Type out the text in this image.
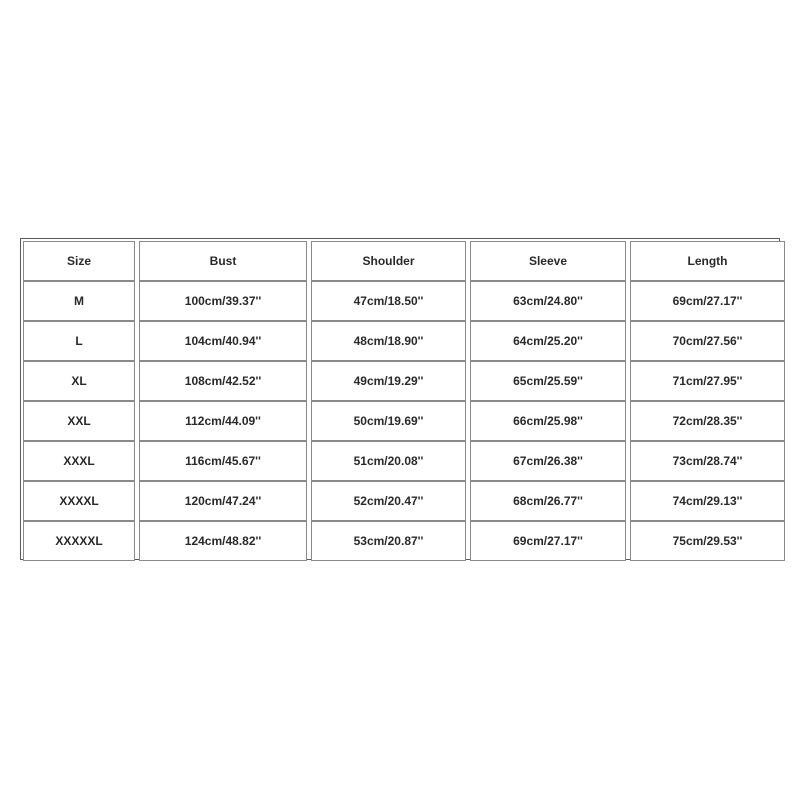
Size	Bust	Shoulder	Sleeve	Length
M	100cm/39.37''	47cm/18.50''	63cm/24.80''	69cm/27.17''
L	104cm/40.94''	48cm/18.90''	64cm/25.20''	70cm/27.56''
XL	108cm/42.52''	49cm/19.29''	65cm/25.59''	71cm/27.95''
XXL	112cm/44.09''	50cm/19.69''	66cm/25.98''	72cm/28.35''
XXXL	116cm/45.67''	51cm/20.08''	67cm/26.38''	73cm/28.74''
XXXXL	120cm/47.24''	52cm/20.47''	68cm/26.77''	74cm/29.13''
XXXXXL	124cm/48.82''	53cm/20.87''	69cm/27.17''	75cm/29.53''
